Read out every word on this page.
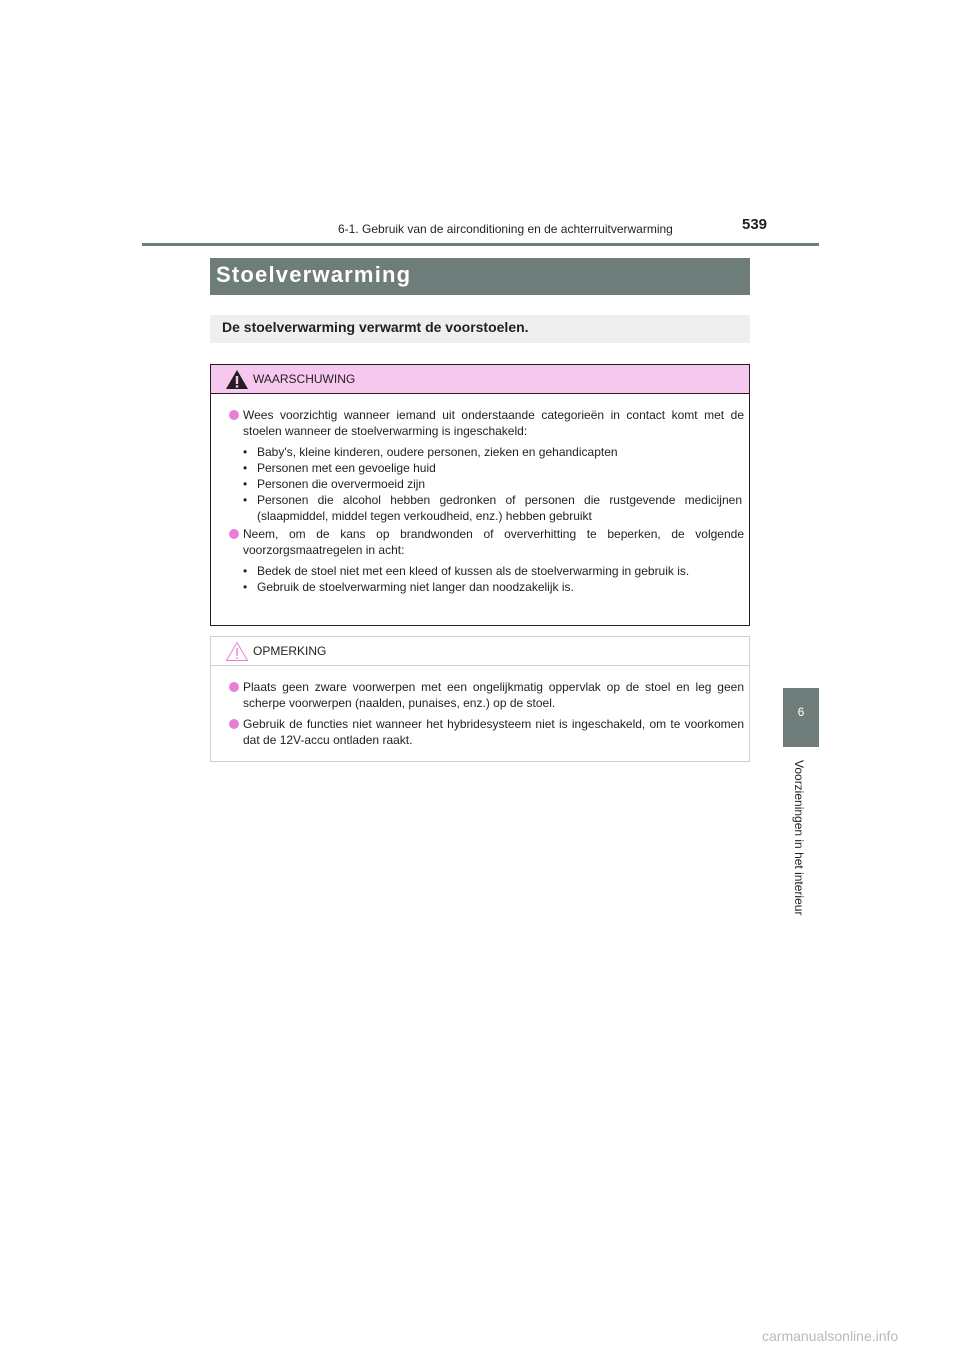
6-1. Gebruik van de airconditioning en de achterruitverwarming	539
Stoelverwarming
De stoelverwarming verwarmt de voorstoelen.
WAARSCHUWING
Wees voorzichtig wanneer iemand uit onderstaande categorieën in contact komt met de stoelen wanneer de stoelverwarming is ingeschakeld:
• Baby's, kleine kinderen, oudere personen, zieken en gehandicapten
• Personen met een gevoelige huid
• Personen die oververmoeid zijn
• Personen die alcohol hebben gedronken of personen die rustgevende medicijnen (slaapmiddel, middel tegen verkoudheid, enz.) hebben gebruikt
Neem, om de kans op brandwonden of oververhitting te beperken, de volgende voorzorgsmaatregelen in acht:
• Bedek de stoel niet met een kleed of kussen als de stoelverwarming in gebruik is.
• Gebruik de stoelverwarming niet langer dan noodzakelijk is.
OPMERKING
Plaats geen zware voorwerpen met een ongelijkmatig oppervlak op de stoel en leg geen scherpe voorwerpen (naalden, punaises, enz.) op de stoel.
Gebruik de functies niet wanneer het hybridesysteem niet is ingeschakeld, om te voorkomen dat de 12V-accu ontladen raakt.
6
Voorzieningen in het interieur
carmanualsonline.info
